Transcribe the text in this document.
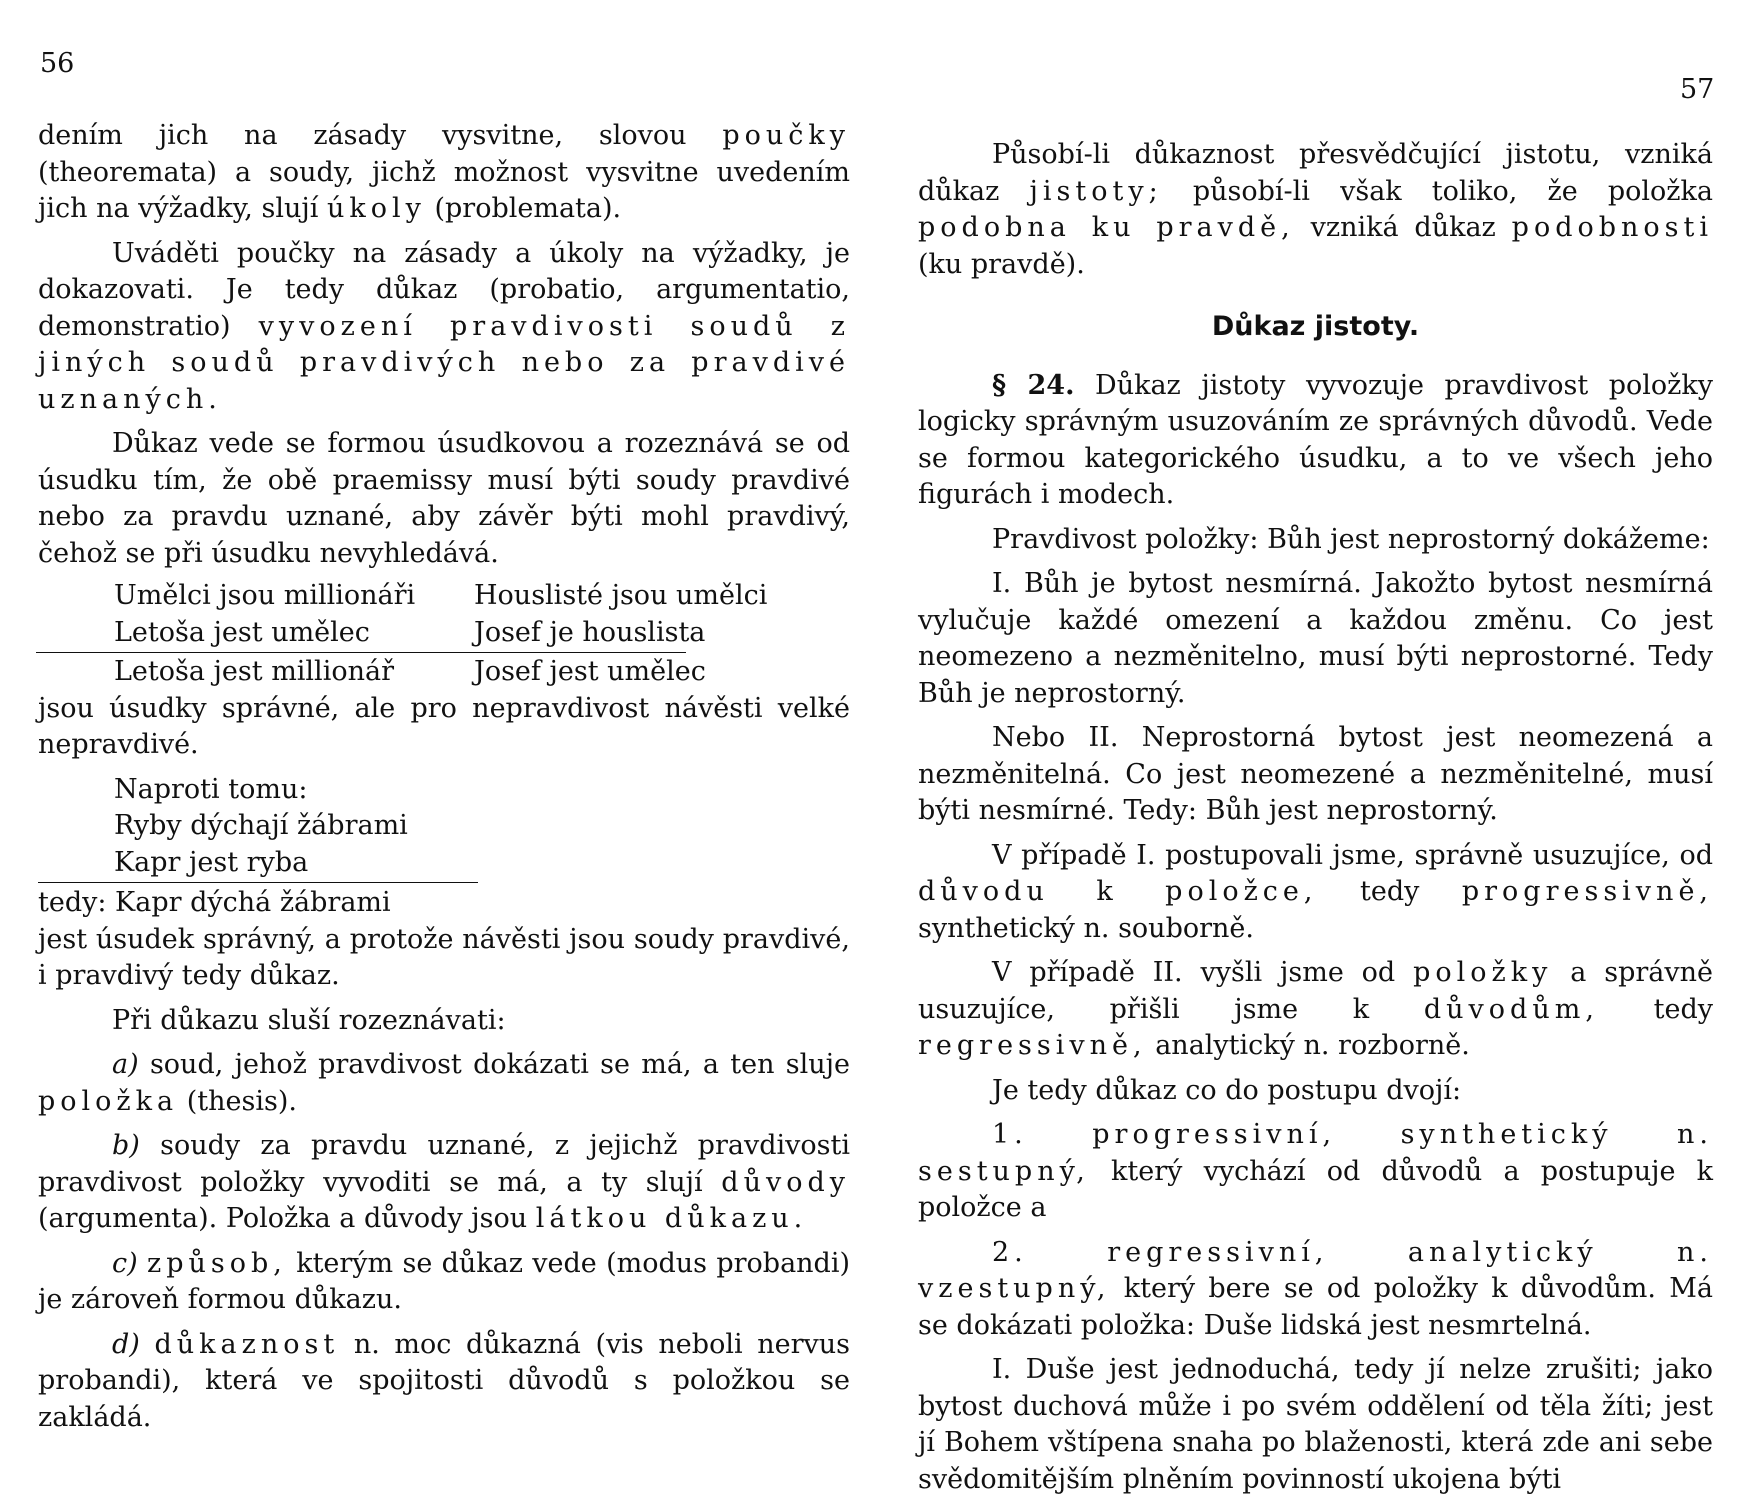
56
57

dením jich na zásady vysvitne, slovou poučky (theoremata) a soudy, jichž možnost vysvitne uvedením jich na výžadky, slují úkoly (problemata).

Uváděti poučky na zásady a úkoly na výžadky, je dokazovati. Je tedy důkaz (probatio, argumentatio, demonstratio) vyvození pravdivosti soudů z jiných soudů pravdivých nebo za pravdivé uznaných.

Důkaz vede se formou úsudkovou a rozeznává se od úsudku tím, že obě praemissy musí býti soudy pravdivé nebo za pravdu uznané, aby závěr býti mohl pravdivý, čehož se při úsudku nevyhledává.

Umělci jsou millionáři	Houslisté jsou umělci
Letoša jest umělec	Josef je houslista
Letoša jest millionář	Josef jest umělec

jsou úsudky správné, ale pro nepravdivost návěsti velké nepravdivé.

Naproti tomu:
Ryby dýchají žábrami
Kapr jest ryba
tedy: Kapr dýchá žábrami

jest úsudek správný, a protože návěsti jsou soudy pravdivé, i pravdivý tedy důkaz.

Při důkazu sluší rozeznávati:

a) soud, jehož pravdivost dokázati se má, a ten sluje položka (thesis).

b) soudy za pravdu uznané, z jejichž pravdivosti pravdivost položky vyvoditi se má, a ty slují důvody (argumenta). Položka a důvody jsou látkou důkazu.

c) způsob, kterým se důkaz vede (modus probandi) je zároveň formou důkazu.

d) důkaznost n. moc důkazná (vis neboli nervus probandi), která ve spojitosti důvodů s položkou se zakládá.

Působí-li důkaznost přesvědčující jistotu, vzniká důkaz jistoty; působí-li však toliko, že položka podobna ku pravdě, vzniká důkaz podobnosti (ku pravdě).

Důkaz jistoty.

§ 24. Důkaz jistoty vyvozuje pravdivost položky logicky správným usuzováním ze správných důvodů. Vede se formou kategorického úsudku, a to ve všech jeho figurách i modech.

Pravdivost položky: Bůh jest neprostorný dokážeme:

I. Bůh je bytost nesmírná. Jakožto bytost nesmírná vylučuje každé omezení a každou změnu. Co jest neomezeno a nezměnitelno, musí býti neprostorné. Tedy Bůh je neprostorný.

Nebo II. Neprostorná bytost jest neomezená a nezměnitelná. Co jest neomezené a nezměnitelné, musí býti nesmírné. Tedy: Bůh jest neprostorný.

V případě I. postupovali jsme, správně usuzujíce, od důvodu k položce, tedy progressivně, synthetický n. souborně.

V případě II. vyšli jsme od položky a správně usuzujíce, přišli jsme k důvodům, tedy regressivně, analytický n. rozborně.

Je tedy důkaz co do postupu dvojí:

1. progressivní, synthetický n. sestupný, který vychází od důvodů a postupuje k položce a

2. regressivní, analytický n. vzestupný, který bere se od položky k důvodům. Má se dokázati položka: Duše lidská jest nesmrtelná.

I. Duše jest jednoduchá, tedy jí nelze zrušiti; jako bytost duchová může i po svém oddělení od těla žíti; jest jí Bohem vštípena snaha po blaženosti, která zde ani sebe svědomitějším plněním povinností ukojena býti
